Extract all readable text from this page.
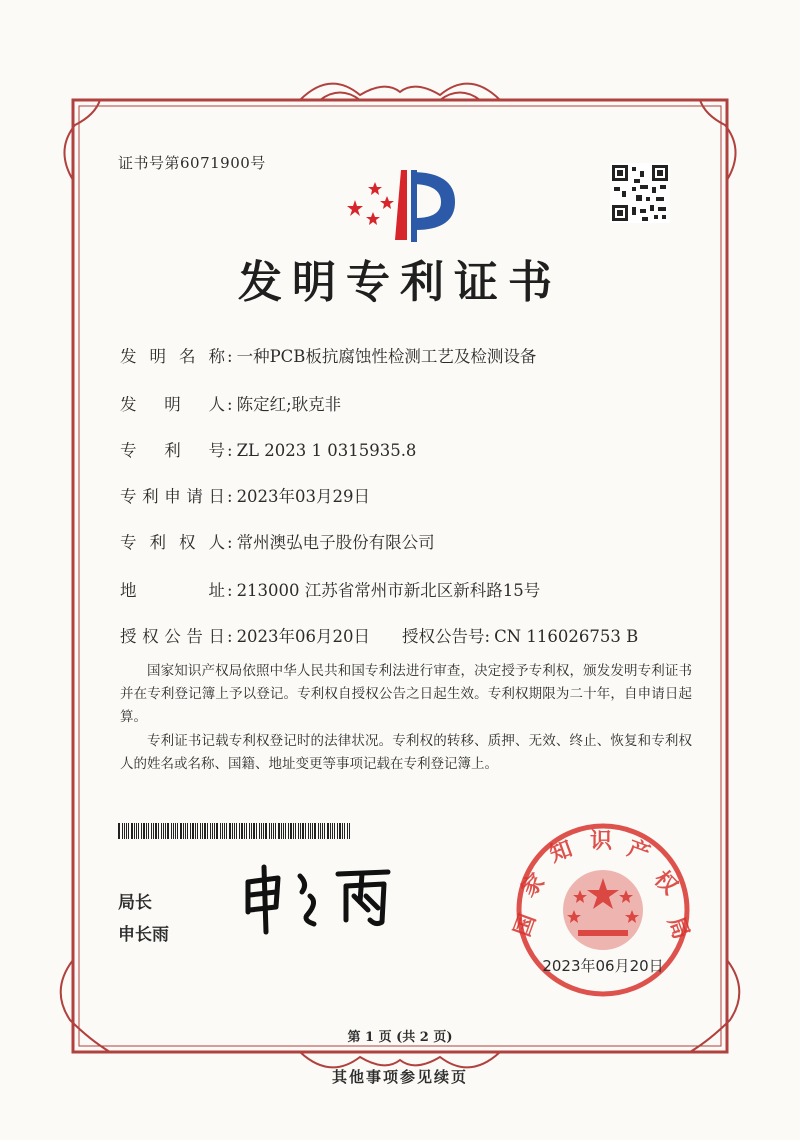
证书号第6071900号
发明专利证书
发明名称 : 一种PCB板抗腐蚀性检测工艺及检测设备
发明人 : 陈定红;耿克非
专利号 : ZL 2023 1 0315935.8
专利申请日 : 2023年03月29日
专利权人 : 常州澳弘电子股份有限公司
地址 : 213000 江苏省常州市新北区新科路15号
授权公告日 : 2023年06月20日 授权公告号: CN 116026753 B
国家知识产权局依照中华人民共和国专利法进行审查，决定授予专利权，颁发发明专利证书并在专利登记簿上予以登记。专利权自授权公告之日起生效。专利权期限为二十年，自申请日起算。
专利证书记载专利权登记时的法律状况。专利权的转移、质押、无效、终止、恢复和专利权人的姓名或名称、国籍、地址变更等事项记载在专利登记簿上。
局长
申长雨	国
家
知 识 产
权
局
2023年06月20日
第 1 页 (共 2 页)
其他事项参见续页
